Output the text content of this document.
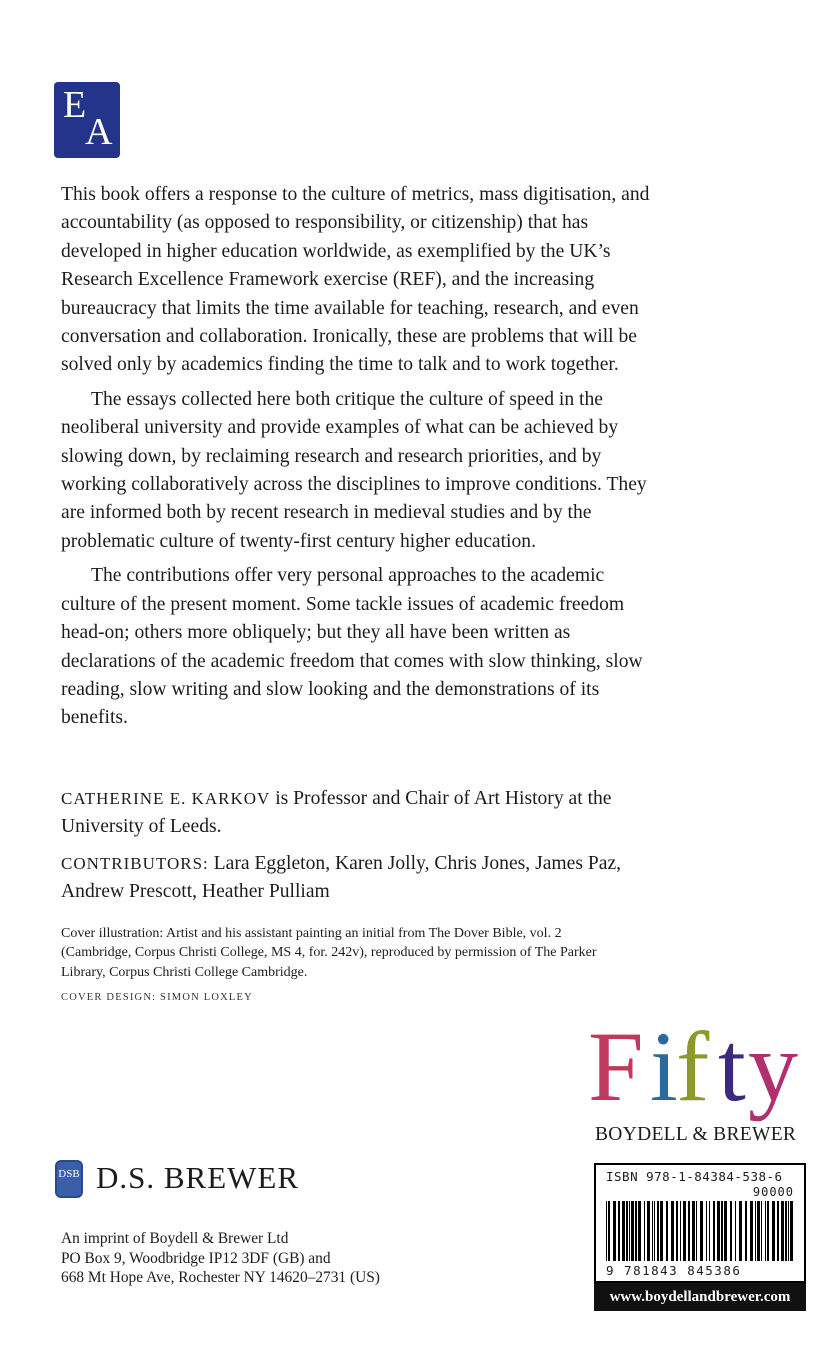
E
A

This book offers a response to the culture of metrics, mass digitisation, and accountability (as opposed to responsibility, or citizenship) that has developed in higher education worldwide, as exemplified by the UK’s Research Excellence Framework exercise (REF), and the increasing bureaucracy that limits the time available for teaching, research, and even conversation and collaboration. Ironically, these are problems that will be solved only by academics finding the time to talk and to work together.

The essays collected here both critique the culture of speed in the neoliberal university and provide examples of what can be achieved by slowing down, by reclaiming research and research priorities, and by working collaboratively across the disciplines to improve conditions. They are informed both by recent research in medieval studies and by the problematic culture of twenty-first century higher education.

The contributions offer very personal approaches to the academic culture of the present moment. Some tackle issues of academic freedom head-on; others more obliquely; but they all have been written as declarations of the academic freedom that comes with slow thinking, slow reading, slow writing and slow looking and the demonstrations of its benefits.

CATHERINE E. KARKOV is Professor and Chair of Art History at the University of Leeds.

CONTRIBUTORS: Lara Eggleton, Karen Jolly, Chris Jones, James Paz, Andrew Prescott, Heather Pulliam

Cover illustration: Artist and his assistant painting an initial from The Dover Bible, vol. 2 (Cambridge, Corpus Christi College, MS 4, for. 242v), reproduced by permission of The Parker Library, Corpus Christi College Cambridge.

COVER DESIGN: SIMON LOXLEY

F i
f t y

BOYDELL & BREWER

DSB D.S. BREWER

An imprint of Boydell & Brewer Ltd
PO Box 9, Woodbridge IP12 3DF (GB) and
668 Mt Hope Ave, Rochester NY 14620–2731 (US)

ISBN 978-1-84384-538-6

90000

9 781843 845386

www.boydellandbrewer.com
